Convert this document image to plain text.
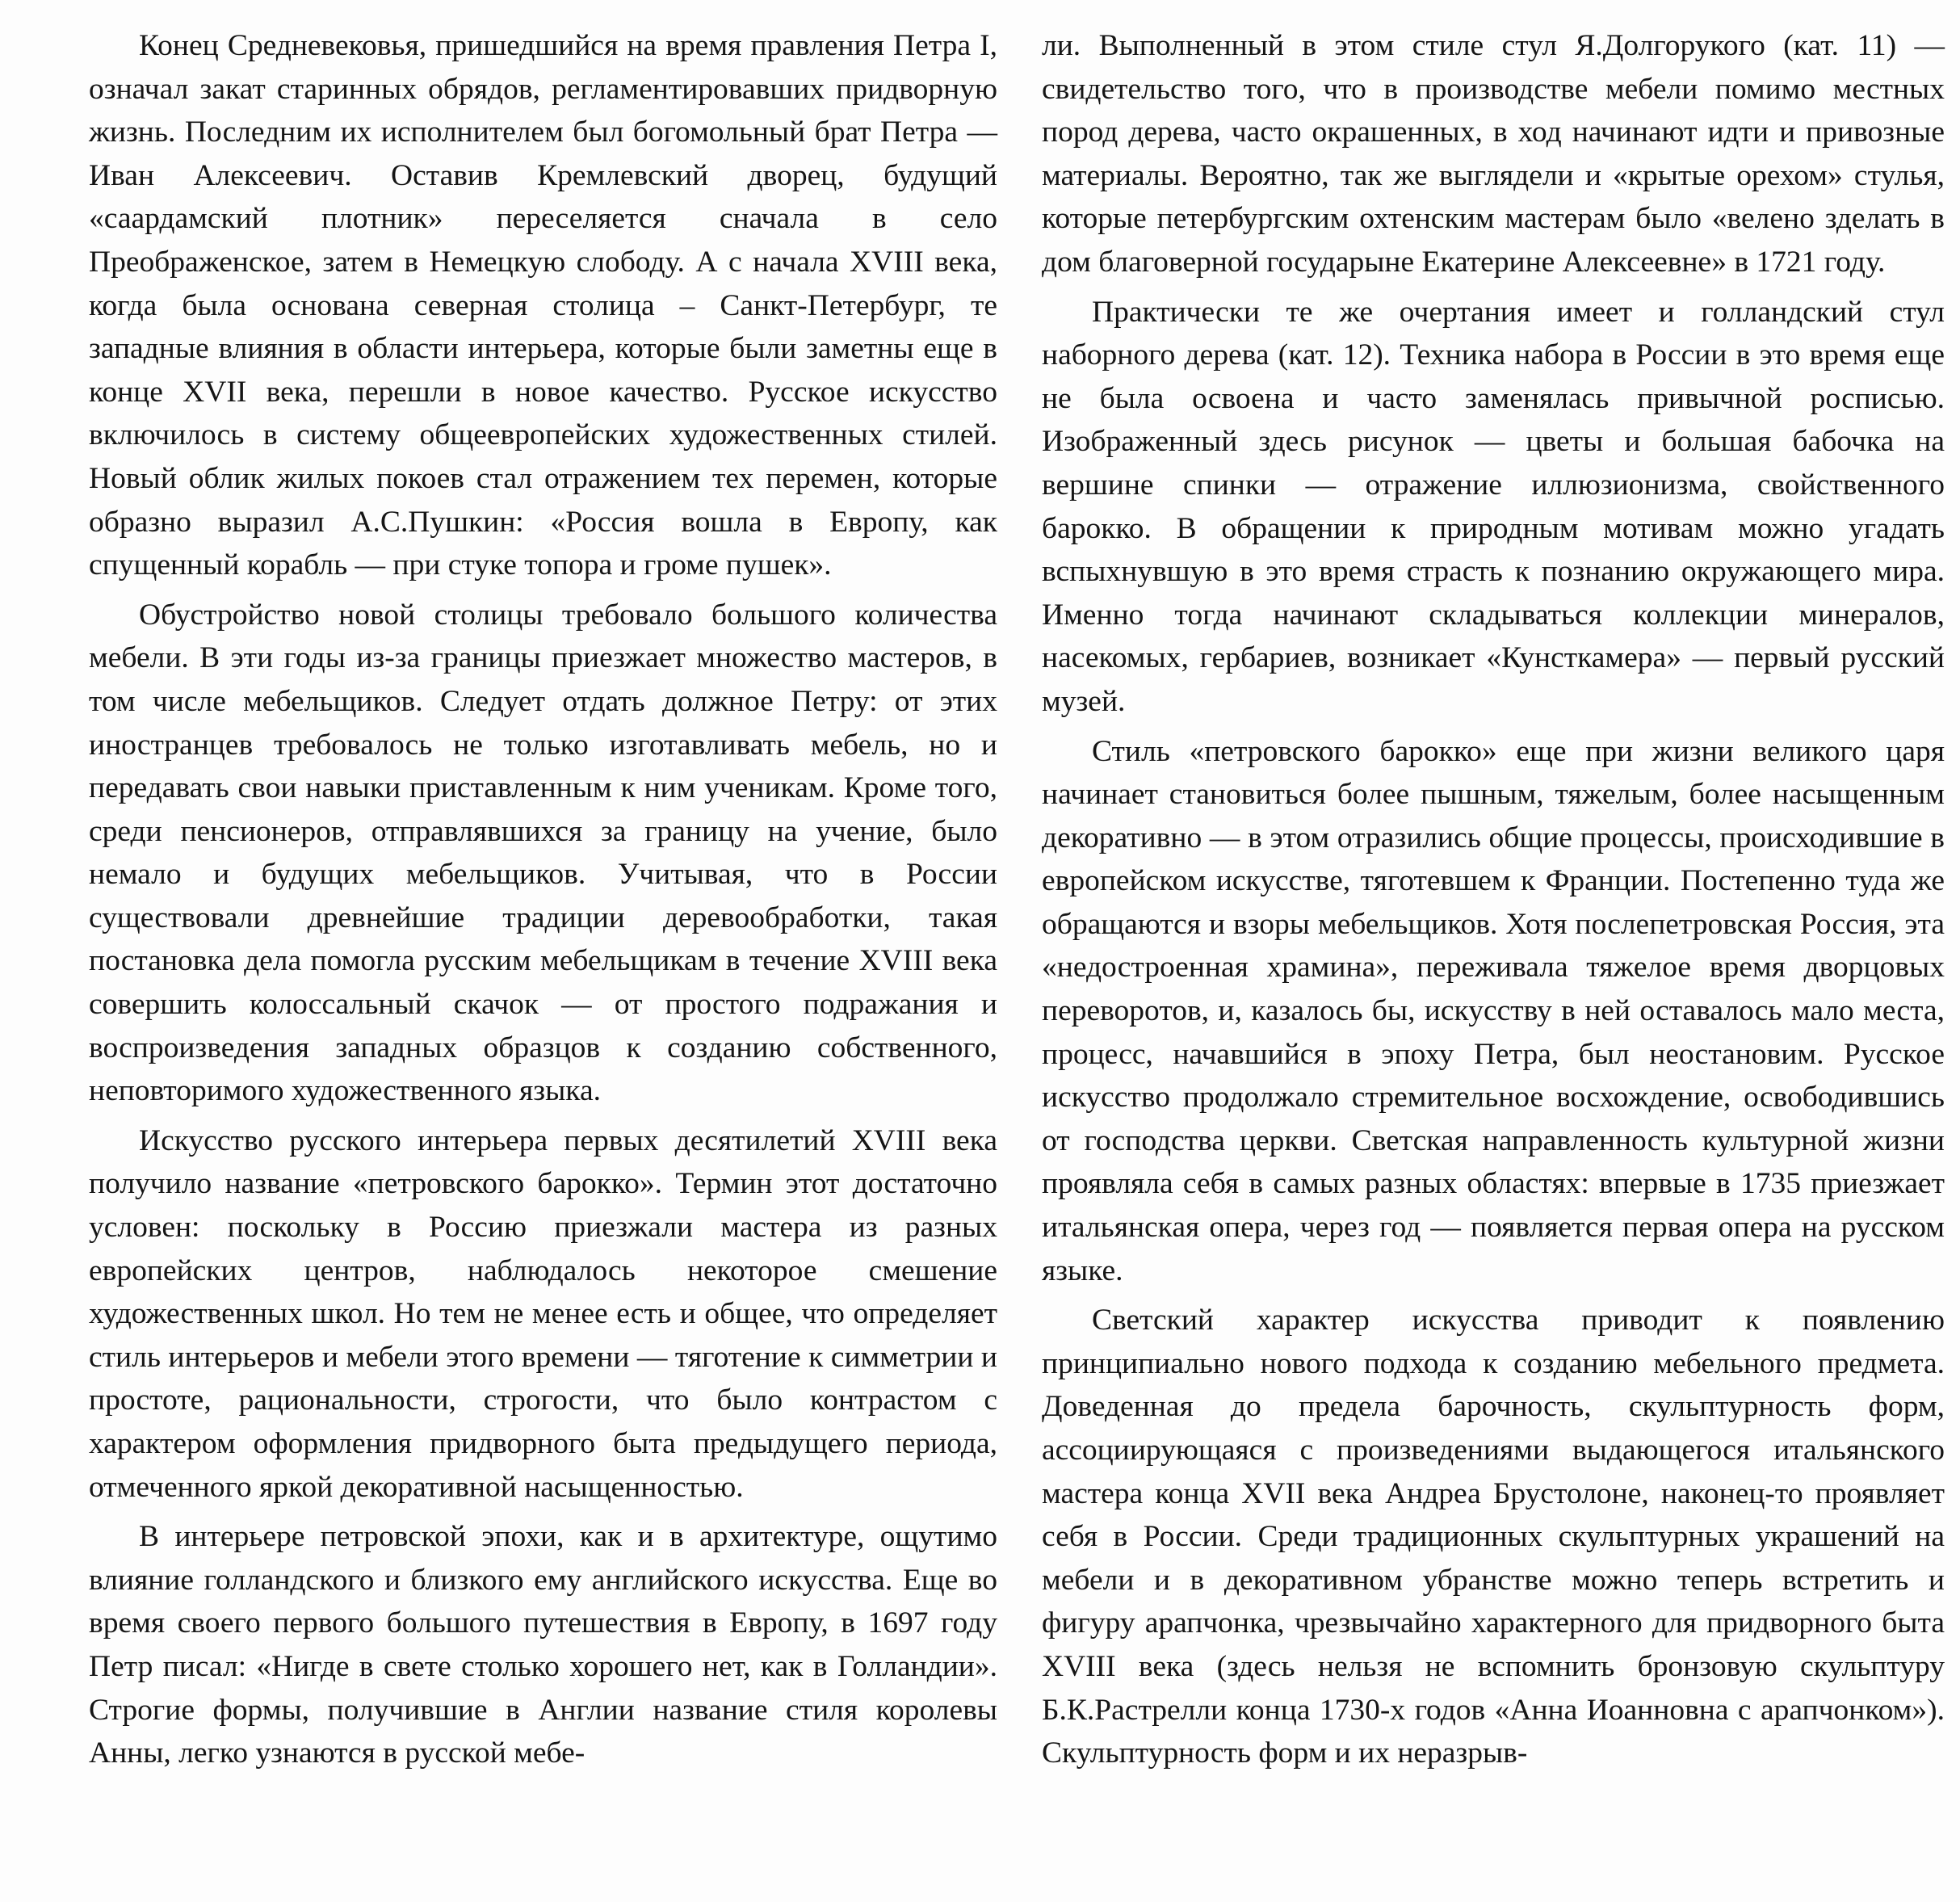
Конец Средневековья, пришедшийся на время правления Петра I, означал закат старинных обрядов, регламентировавших придворную жизнь. Последним их исполнителем был богомольный брат Петра — Иван Алексеевич. Оставив Кремлевский дворец, будущий «саардамский плотник» переселяется сначала в село Преображенское, затем в Немецкую слободу. А с начала XVIII века, когда была основана северная столица – Санкт-Петербург, те западные влияния в области интерьера, которые были заметны еще в конце XVII века, перешли в новое качество. Русское искусство включилось в систему общеевропейских художественных стилей. Новый облик жилых покоев стал отражением тех перемен, которые образно выразил А.С.Пушкин: «Россия вошла в Европу, как спущенный корабль — при стуке топора и громе пушек».

Обустройство новой столицы требовало большого количества мебели. В эти годы из-за границы приезжает множество мастеров, в том числе мебельщиков. Следует отдать должное Петру: от этих иностранцев требовалось не только изготавливать мебель, но и передавать свои навыки приставленным к ним ученикам. Кроме того, среди пенсионеров, отправлявшихся за границу на учение, было немало и будущих мебельщиков. Учитывая, что в России существовали древнейшие традиции деревообработки, такая постановка дела помогла русским мебельщикам в течение XVIII века совершить колоссальный скачок — от простого подражания и воспроизведения западных образцов к созданию собственного, неповторимого художественного языка.

Искусство русского интерьера первых десятилетий XVIII века получило название «петровского барокко». Термин этот достаточно условен: поскольку в Россию приезжали мастера из разных европейских центров, наблюдалось некоторое смешение художественных школ. Но тем не менее есть и общее, что определяет стиль интерьеров и мебели этого времени — тяготение к симметрии и простоте, рациональности, строгости, что было контрастом с характером оформления придворного быта предыдущего периода, отмеченного яркой декоративной насыщенностью.

В интерьере петровской эпохи, как и в архитектуре, ощутимо влияние голландского и близкого ему английского искусства. Еще во время своего первого большого путешествия в Европу, в 1697 году Петр писал: «Нигде в свете столько хорошего нет, как в Голландии». Строгие формы, получившие в Англии название стиля королевы Анны, легко узнаются в русской мебе-

ли. Выполненный в этом стиле стул Я.Долгорукого (кат. 11) — свидетельство того, что в производстве мебели помимо местных пород дерева, часто окрашенных, в ход начинают идти и привозные материалы. Вероятно, так же выглядели и «крытые орехом» стулья, которые петербургским охтенским мастерам было «велено зделать в дом благоверной государыне Екатерине Алексеевне» в 1721 году.

Практически те же очертания имеет и голландский стул наборного дерева (кат. 12). Техника набора в России в это время еще не была освоена и часто заменялась привычной росписью. Изображенный здесь рисунок — цветы и большая бабочка на вершине спинки — отражение иллюзионизма, свойственного барокко. В обращении к природным мотивам можно угадать вспыхнувшую в это время страсть к познанию окружающего мира. Именно тогда начинают складываться коллекции минералов, насекомых, гербариев, возникает «Кунсткамера» — первый русский музей.

Стиль «петровского барокко» еще при жизни великого царя начинает становиться более пышным, тяжелым, более насыщенным декоративно — в этом отразились общие процессы, происходившие в европейском искусстве, тяготевшем к Франции. Постепенно туда же обращаются и взоры мебельщиков. Хотя послепетровская Россия, эта «недостроенная храмина», переживала тяжелое время дворцовых переворотов, и, казалось бы, искусству в ней оставалось мало места, процесс, начавшийся в эпоху Петра, был неостановим. Русское искусство продолжало стремительное восхождение, освободившись от господства церкви. Светская направленность культурной жизни проявляла себя в самых разных областях: впервые в 1735 приезжает итальянская опера, через год — появляется первая опера на русском языке.

Светский характер искусства приводит к появлению принципиально нового подхода к созданию мебельного предмета. Доведенная до предела барочность, скульптурность форм, ассоциирующаяся с произведениями выдающегося итальянского мастера конца XVII века Андреа Брустолоне, наконец-то проявляет себя в России. Среди традиционных скульптурных украшений на мебели и в декоративном убранстве можно теперь встретить и фигуру арапчонка, чрезвычайно характерного для придворного быта XVIII века (здесь нельзя не вспомнить бронзовую скульптуру Б.К.Растрелли конца 1730-х годов «Анна Иоанновна с арапчонком»). Скульптурность форм и их неразрыв-
